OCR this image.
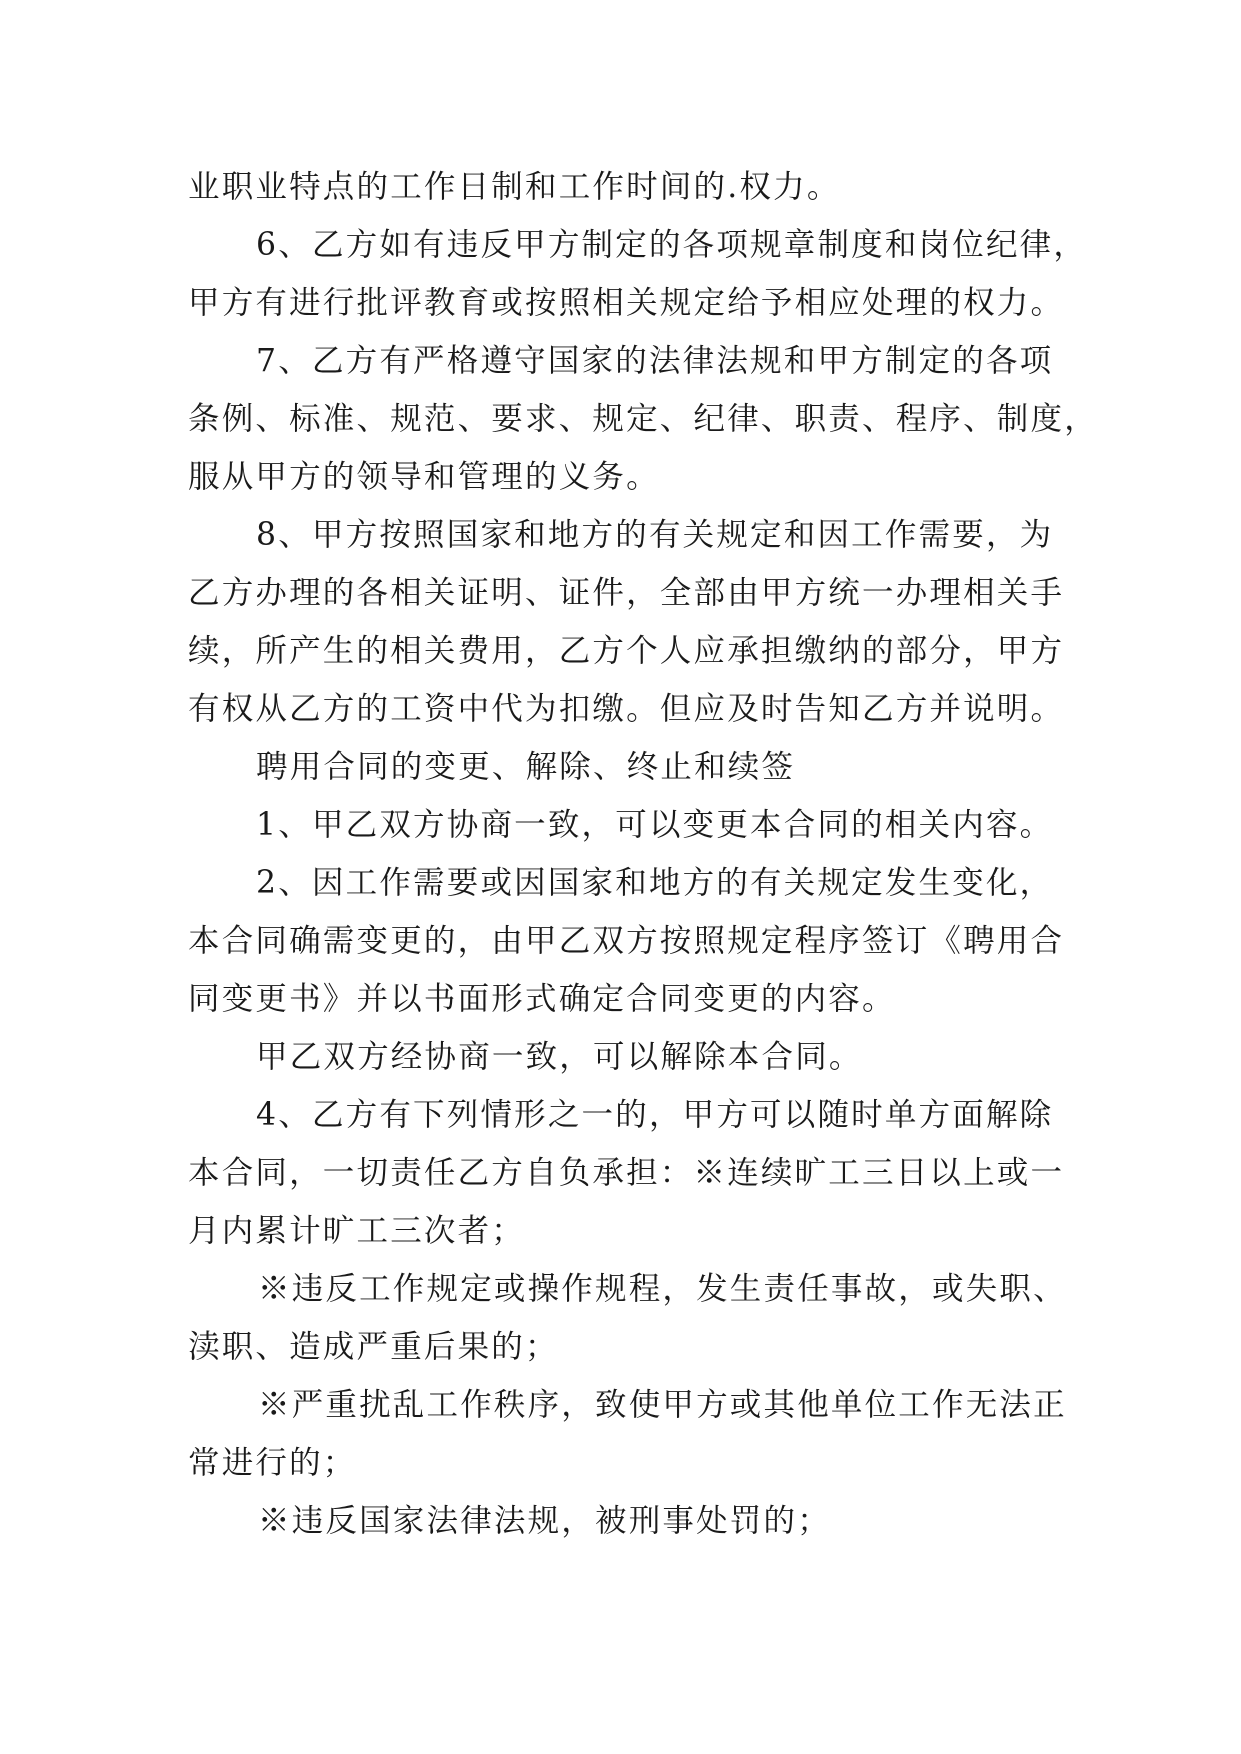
业职业特点的工作日制和工作时间的.权力。
6、乙方如有违反甲方制定的各项规章制度和岗位纪律，
甲方有进行批评教育或按照相关规定给予相应处理的权力。
7、乙方有严格遵守国家的法律法规和甲方制定的各项
条例、标准、规范、要求、规定、纪律、职责、程序、制度，
服从甲方的领导和管理的义务。
8、甲方按照国家和地方的有关规定和因工作需要，为
乙方办理的各相关证明、证件，全部由甲方统一办理相关手
续，所产生的相关费用，乙方个人应承担缴纳的部分，甲方
有权从乙方的工资中代为扣缴。但应及时告知乙方并说明。
聘用合同的变更、解除、终止和续签
1、甲乙双方协商一致，可以变更本合同的相关内容。
2、因工作需要或因国家和地方的有关规定发生变化，
本合同确需变更的，由甲乙双方按照规定程序签订《聘用合
同变更书》并以书面形式确定合同变更的内容。
甲乙双方经协商一致，可以解除本合同。
4、乙方有下列情形之一的，甲方可以随时单方面解除
本合同，一切责任乙方自负承担：※连续旷工三日以上或一
月内累计旷工三次者；
※违反工作规定或操作规程，发生责任事故，或失职、
渎职、造成严重后果的；
※严重扰乱工作秩序，致使甲方或其他单位工作无法正
常进行的；
※违反国家法律法规，被刑事处罚的；
